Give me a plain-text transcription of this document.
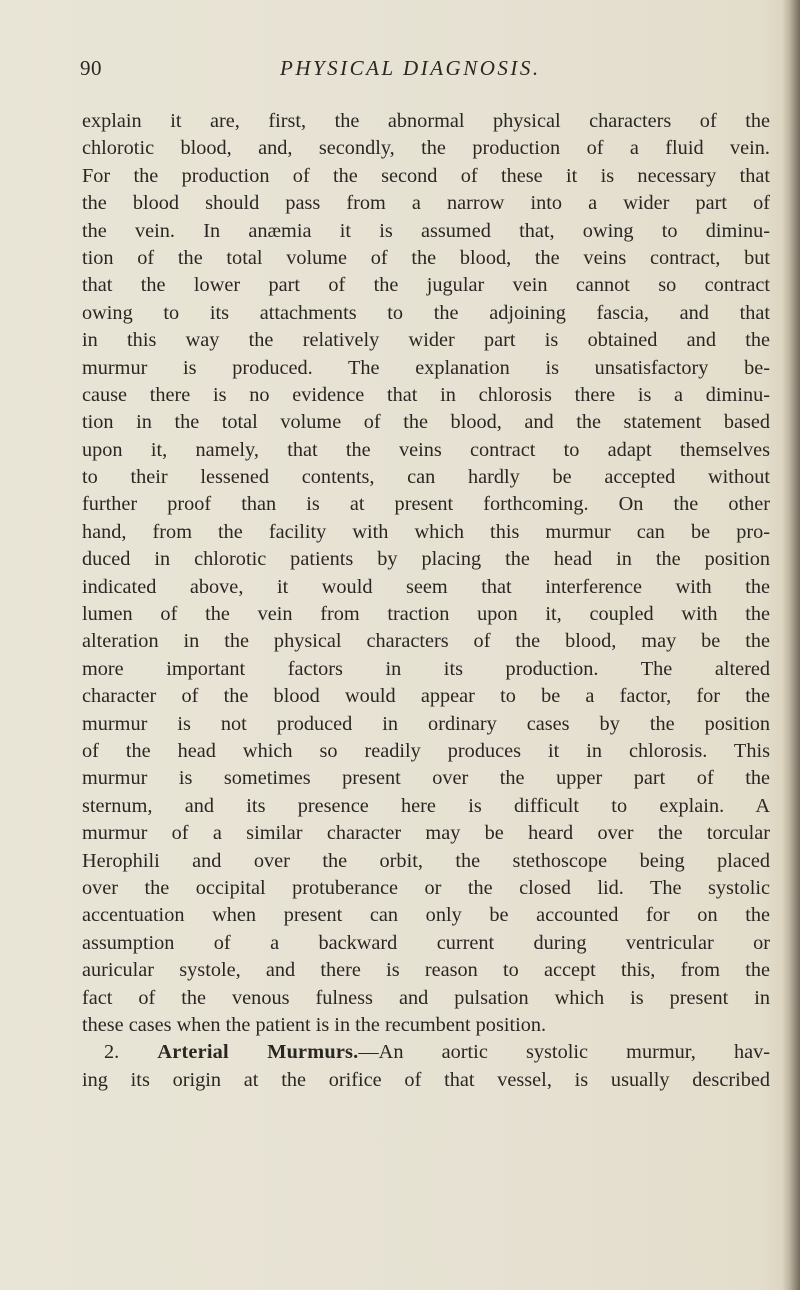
90	PHYSICAL DIAGNOSIS.
explain it are, first, the abnormal physical characters of the
chlorotic blood, and, secondly, the production of a fluid vein.
For the production of the second of these it is necessary that
the blood should pass from a narrow into a wider part of
the vein. In anæmia it is assumed that, owing to diminu-
tion of the total volume of the blood, the veins contract, but
that the lower part of the jugular vein cannot so contract
owing to its attachments to the adjoining fascia, and that
in this way the relatively wider part is obtained and the
murmur is produced. The explanation is unsatisfactory be-
cause there is no evidence that in chlorosis there is a diminu-
tion in the total volume of the blood, and the statement based
upon it, namely, that the veins contract to adapt themselves
to their lessened contents, can hardly be accepted without
further proof than is at present forthcoming. On the other
hand, from the facility with which this murmur can be pro-
duced in chlorotic patients by placing the head in the position
indicated above, it would seem that interference with the
lumen of the vein from traction upon it, coupled with the
alteration in the physical characters of the blood, may be the
more important factors in its production. The altered
character of the blood would appear to be a factor, for the
murmur is not produced in ordinary cases by the position
of the head which so readily produces it in chlorosis. This
murmur is sometimes present over the upper part of the
sternum, and its presence here is difficult to explain. A
murmur of a similar character may be heard over the torcular
Herophili and over the orbit, the stethoscope being placed
over the occipital protuberance or the closed lid. The systolic
accentuation when present can only be accounted for on the
assumption of a backward current during ventricular or
auricular systole, and there is reason to accept this, from the
fact of the venous fulness and pulsation which is present in
these cases when the patient is in the recumbent position.
2. Arterial Murmurs.—An aortic systolic murmur, hav-
ing its origin at the orifice of that vessel, is usually described
